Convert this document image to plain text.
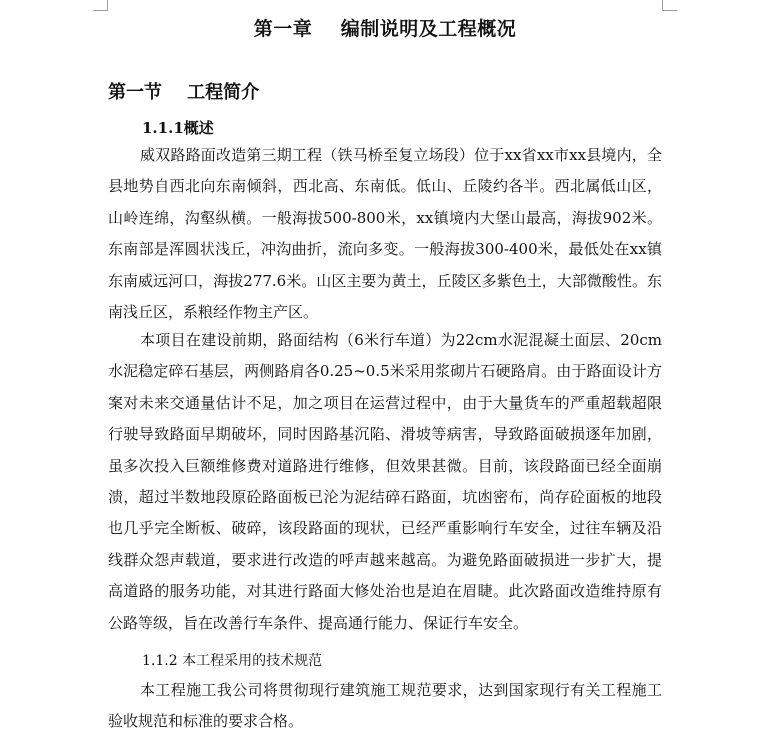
第一章    编制说明及工程概况
第一节    工程简介
1.1.1概述

威双路路面改造第三期工程（铁马桥至复立场段）位于xx省xx市xx县境内，全县地势自西北向东南倾斜，西北高、东南低。低山、丘陵约各半。西北属低山区，山岭连绵，沟壑纵横。一般海拔500-800米，xx镇境内大堡山最高，海拔902米。东南部是浑圆状浅丘，冲沟曲折，流向多变。一般海拔300-400米，最低处在xx镇东南威远河口，海拔277.6米。山区主要为黄土，丘陵区多紫色土，大部微酸性。东南浅丘区，系粮经作物主产区。

本项目在建设前期，路面结构（6米行车道）为22cm水泥混凝土面层、20cm水泥稳定碎石基层，两侧路肩各0.25~0.5米采用浆砌片石硬路肩。由于路面设计方案对未来交通量估计不足，加之项目在运营过程中，由于大量货车的严重超载超限行驶导致路面早期破坏，同时因路基沉陷、滑坡等病害，导致路面破损逐年加剧，虽多次投入巨额维修费对道路进行维修，但效果甚微。目前，该段路面已经全面崩溃，超过半数地段原砼路面板已沦为泥结碎石路面，坑凼密布，尚存砼面板的地段也几乎完全断板、破碎，该段路面的现状，已经严重影响行车安全，过往车辆及沿线群众怨声载道，要求进行改造的呼声越来越高。为避免路面破损进一步扩大，提高道路的服务功能，对其进行路面大修处治也是迫在眉睫。此次路面改造维持原有公路等级，旨在改善行车条件、提高通行能力、保证行车安全。

1.1.2 本工程采用的技术规范

本工程施工我公司将贯彻现行建筑施工规范要求，达到国家现行有关工程施工验收规范和标准的要求合格。
